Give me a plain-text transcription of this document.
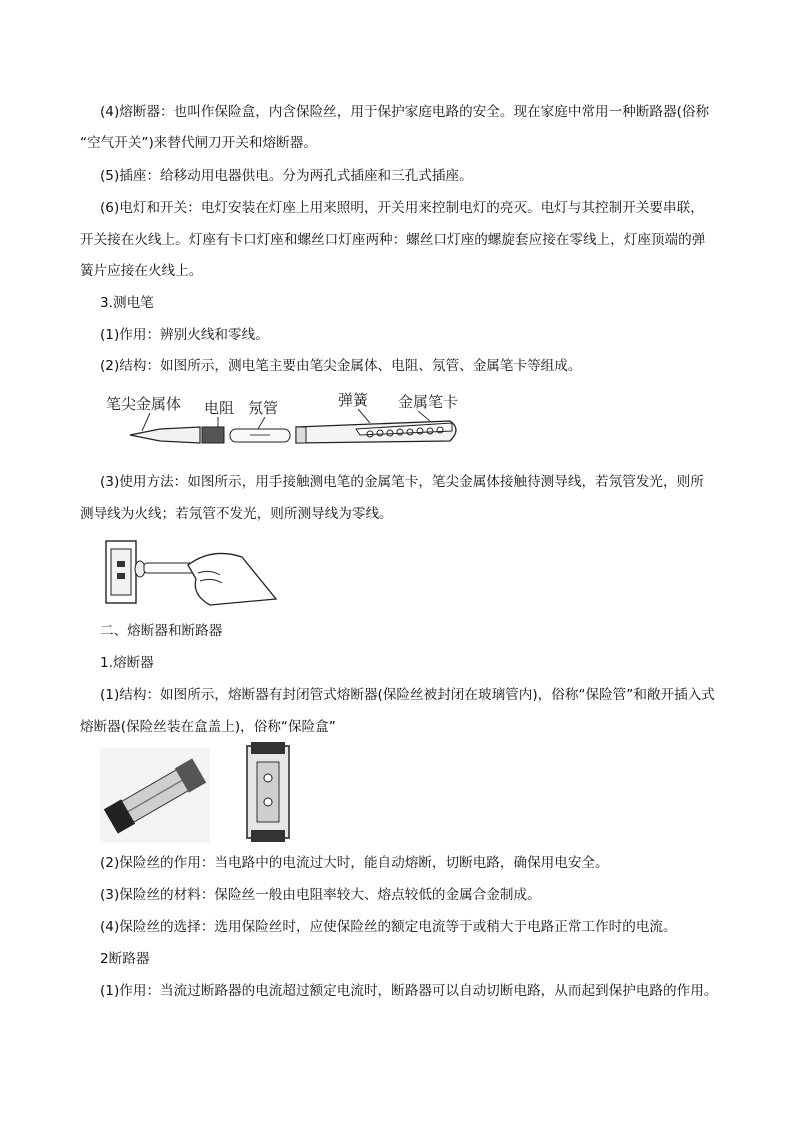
(4)熔断器：也叫作保险盒，内含保险丝，用于保护家庭电路的安全。现在家庭中常用一种断路器(俗称

“空气开关”)来替代闸刀开关和熔断器。

(5)插座：给移动用电器供电。分为两孔式插座和三孔式插座。

(6)电灯和开关：电灯安装在灯座上用来照明，开关用来控制电灯的亮灭。电灯与其控制开关要串联，

开关接在火线上。灯座有卡口灯座和螺丝口灯座两种：螺丝口灯座的螺旋套应接在零线上，灯座顶端的弹

簧片应接在火线上。

3.测电笔

(1)作用：辨别火线和零线。

(2)结构：如图所示，测电笔主要由笔尖金属体、电阻、氖管、金属笔卡等组成。

笔尖金属体 电阻 氖管	弹簧 金属笔卡

(3)使用方法：如图所示，用手接触测电笔的金属笔卡，笔尖金属体接触待测导线，若氖管发光，则所

测导线为火线；若氖管不发光，则所测导线为零线。

二、熔断器和断路器

1.熔断器

(1)结构：如图所示，熔断器有封闭管式熔断器(保险丝被封闭在玻璃管内)，俗称“保险管”和敞开插入式

熔断器(保险丝装在盒盖上)，俗称“保险盒”

(2)保险丝的作用：当电路中的电流过大时，能自动熔断，切断电路，确保用电安全。

(3)保险丝的材料：保险丝一般由电阻率较大、熔点较低的金属合金制成。

(4)保险丝的选择：选用保险丝时，应使保险丝的额定电流等于或稍大于电路正常工作时的电流。

2断路器

(1)作用：当流过断路器的电流超过额定电流时，断路器可以自动切断电路，从而起到保护电路的作用。
